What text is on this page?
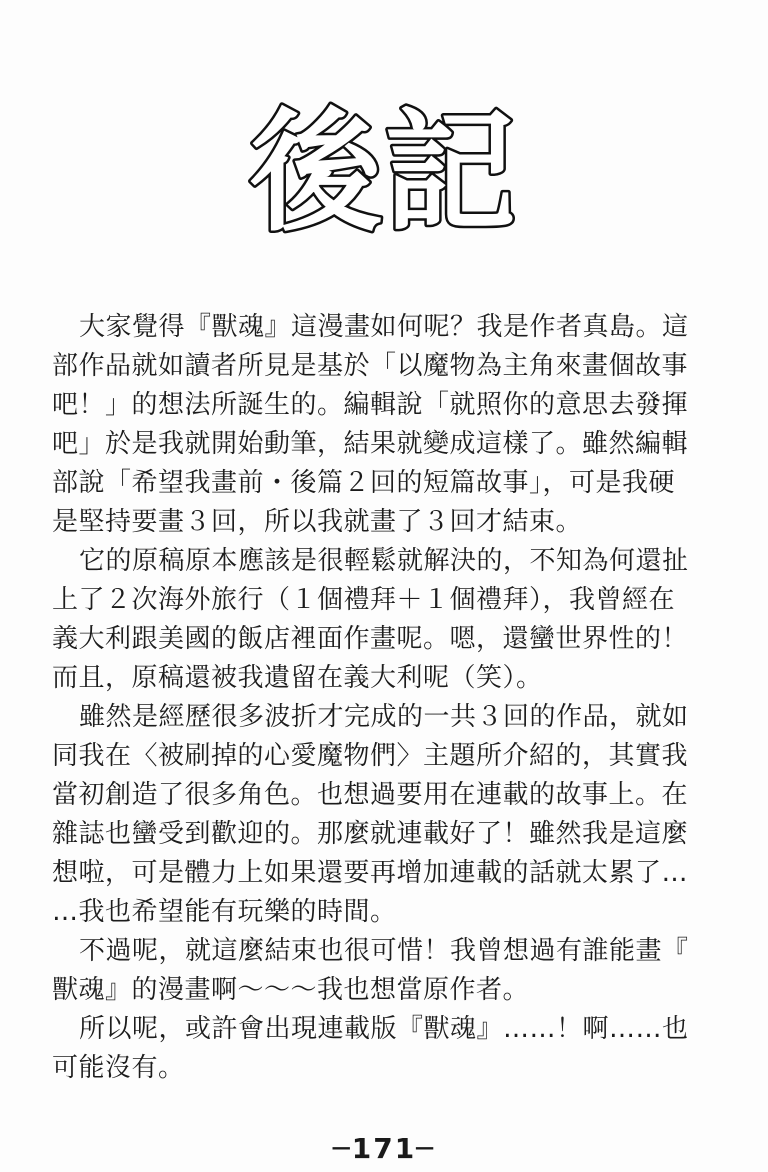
後記

大家覺得『獸魂』這漫畫如何呢？我是作者真島。這
部作品就如讀者所見是基於「以魔物為主角來畫個故事
吧！」的想法所誕生的。編輯說「就照你的意思去發揮
吧」於是我就開始動筆，結果就變成這樣了。雖然編輯
部說「希望我畫前・後篇２回的短篇故事」，可是我硬
是堅持要畫３回，所以我就畫了３回才結束。

它的原稿原本應該是很輕鬆就解決的，不知為何還扯
上了２次海外旅行（１個禮拜＋１個禮拜），我曾經在
義大利跟美國的飯店裡面作畫呢。嗯，還蠻世界性的！
而且，原稿還被我遺留在義大利呢（笑）。

雖然是經歷很多波折才完成的一共３回的作品，就如
同我在〈被刷掉的心愛魔物們〉主題所介紹的，其實我
當初創造了很多角色。也想過要用在連載的故事上。在
雜誌也蠻受到歡迎的。那麼就連載好了！雖然我是這麼
想啦，可是體力上如果還要再增加連載的話就太累了…
…我也希望能有玩樂的時間。

不過呢，就這麼結束也很可惜！我曾想過有誰能畫『
獸魂』的漫畫啊～～～我也想當原作者。

所以呢，或許會出現連載版『獸魂』……！啊……也
可能沒有。

─171─
